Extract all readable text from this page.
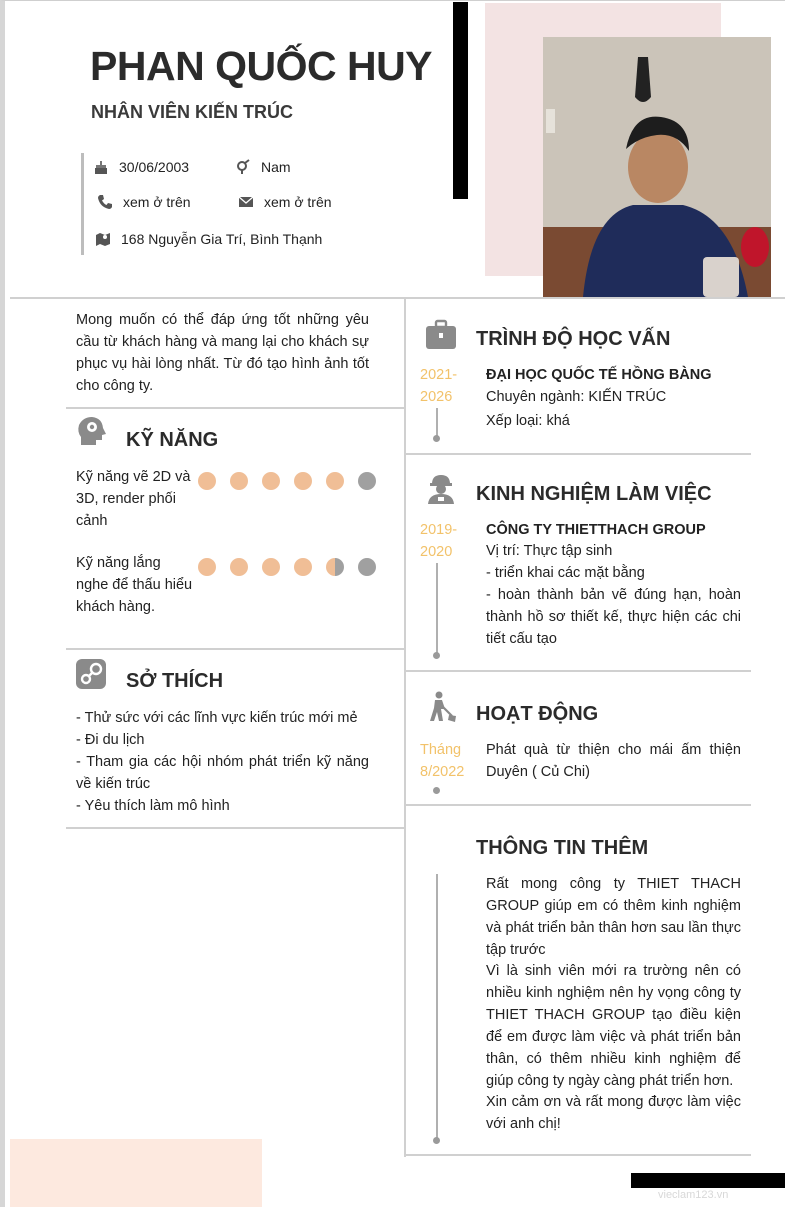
PHAN QUỐC HUY
NHÂN VIÊN KIẾN TRÚC
30/06/2003	Nam
xem ở trên	xem ở trên
168 Nguyễn Gia Trí, Bình Thạnh
Mong muốn có thể đáp ứng tốt những yêu cầu từ khách hàng và mang lại cho khách sự phục vụ hài lòng nhất. Từ đó tạo hình ảnh tốt cho công ty.
KỸ NĂNG
Kỹ năng vẽ 2D và 3D, render phối cảnh
Kỹ năng lắng nghe để thấu hiểu khách hàng.
SỞ THÍCH
- Thử sức với các lĩnh vực kiến trúc mới mẻ
- Đi du lịch
- Tham gia các hội nhóm phát triển kỹ năng về kiến trúc
- Yêu thích làm mô hình
TRÌNH ĐỘ HỌC VẤN
2021-2026
ĐẠI HỌC QUỐC TẾ HỒNG BÀNG
Chuyên ngành: KIẾN TRÚC
Xếp loại: khá
KINH NGHIỆM LÀM VIỆC
2019-2020
CÔNG TY THIETTHACH GROUP
Vị trí: Thực tập sinh
- triển khai các mặt bằng
- hoàn thành bản vẽ đúng hạn, hoàn thành hồ sơ thiết kế, thực hiện các chi tiết cấu tạo
HOẠT ĐỘNG
Tháng 8/2022
Phát quà từ thiện cho mái ấm thiện Duyên ( Củ Chi)
THÔNG TIN THÊM
Rất mong công ty THIET THACH GROUP giúp em có thêm kinh nghiệm và phát triển bản thân hơn sau lần thực tập trước
Vì là sinh viên mới ra trường nên có nhiều kinh nghiệm nên hy vọng công ty THIET THACH GROUP tạo điều kiện để em được làm việc và phát triển bản thân, có thêm nhiều kinh nghiệm để giúp công ty ngày càng phát triển hơn.
Xin cảm ơn và rất mong được làm việc với anh chị!
vieclam123.vn
